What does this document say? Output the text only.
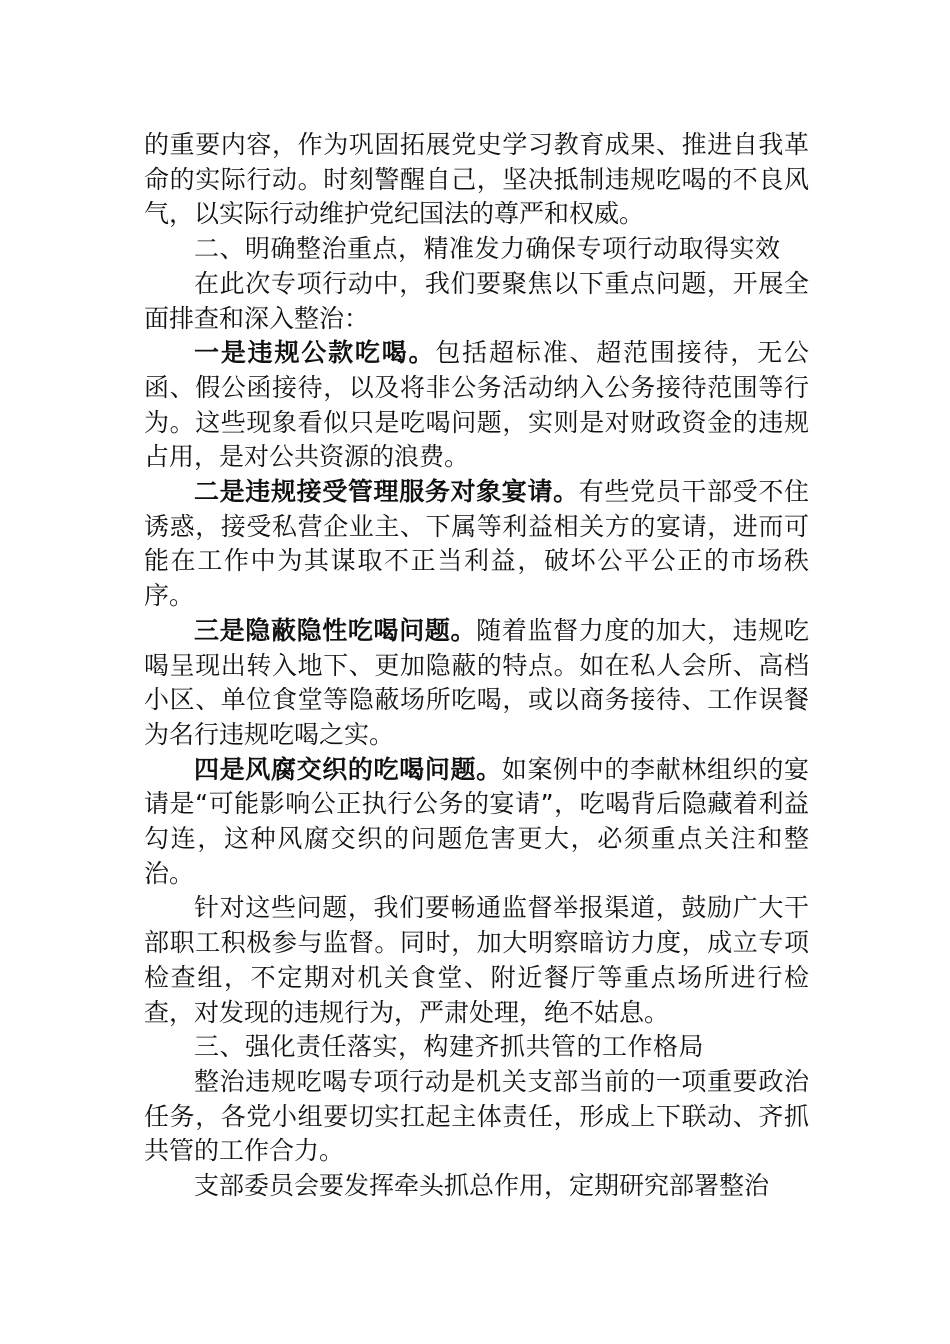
的重要内容，作为巩固拓展党史学习教育成果、推进自我革命的实际行动。时刻警醒自己，坚决抵制违规吃喝的不良风气，以实际行动维护党纪国法的尊严和权威。

二、明确整治重点，精准发力确保专项行动取得实效

在此次专项行动中，我们要聚焦以下重点问题，开展全面排查和深入整治：

一是违规公款吃喝。包括超标准、超范围接待，无公函、假公函接待，以及将非公务活动纳入公务接待范围等行为。这些现象看似只是吃喝问题，实则是对财政资金的违规占用，是对公共资源的浪费。

二是违规接受管理服务对象宴请。有些党员干部受不住诱惑，接受私营企业主、下属等利益相关方的宴请，进而可能在工作中为其谋取不正当利益，破坏公平公正的市场秩序。

三是隐蔽隐性吃喝问题。随着监督力度的加大，违规吃喝呈现出转入地下、更加隐蔽的特点。如在私人会所、高档小区、单位食堂等隐蔽场所吃喝，或以商务接待、工作误餐为名行违规吃喝之实。

四是风腐交织的吃喝问题。如案例中的李献林组织的宴请是“可能影响公正执行公务的宴请”，吃喝背后隐藏着利益勾连，这种风腐交织的问题危害更大，必须重点关注和整治。

针对这些问题，我们要畅通监督举报渠道，鼓励广大干部职工积极参与监督。同时，加大明察暗访力度，成立专项检查组，不定期对机关食堂、附近餐厅等重点场所进行检查，对发现的违规行为，严肃处理，绝不姑息。

三、强化责任落实，构建齐抓共管的工作格局

整治违规吃喝专项行动是机关支部当前的一项重要政治任务，各党小组要切实扛起主体责任，形成上下联动、齐抓共管的工作合力。

支部委员会要发挥牵头抓总作用，定期研究部署整治
